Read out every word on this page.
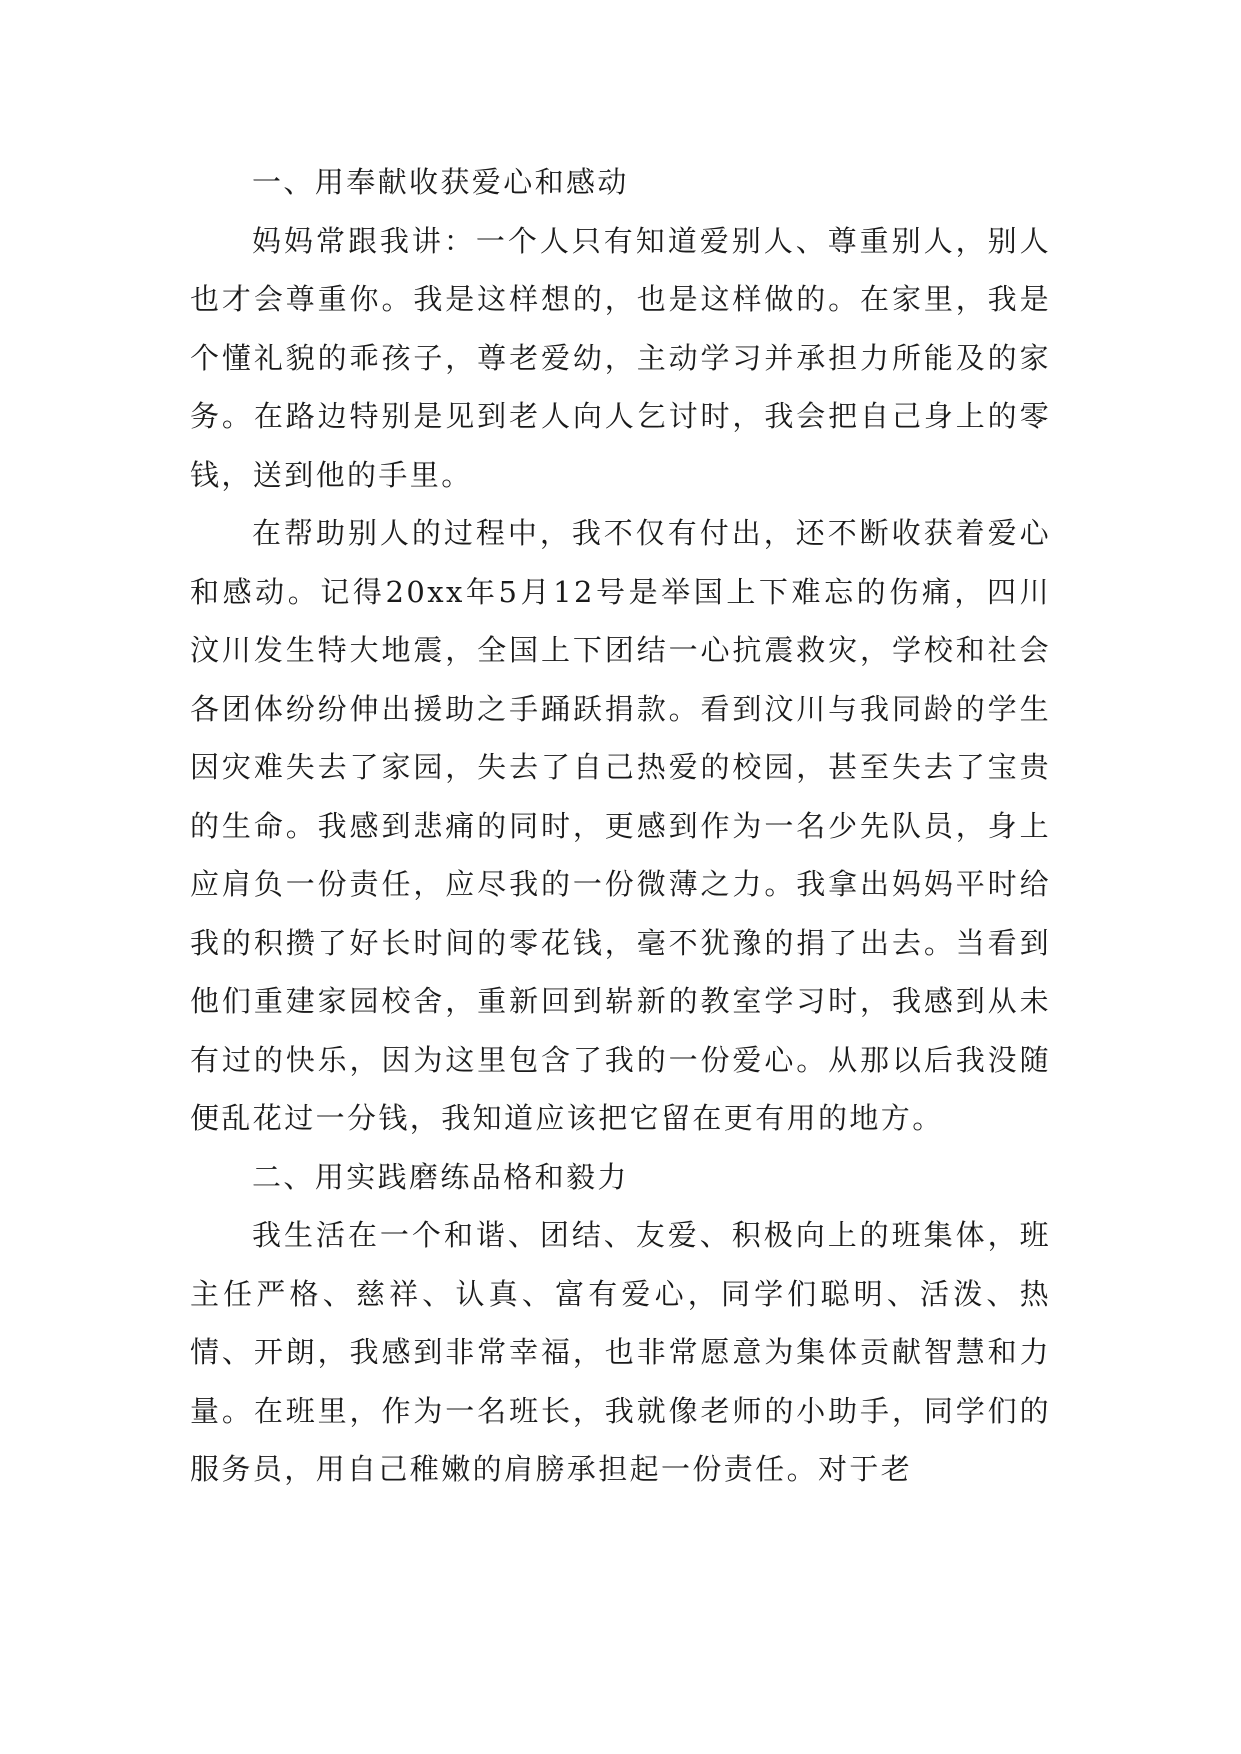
一、用奉献收获爱心和感动

妈妈常跟我讲：一个人只有知道爱别人、尊重别人，别人也才会尊重你。我是这样想的，也是这样做的。在家里，我是个懂礼貌的乖孩子，尊老爱幼，主动学习并承担力所能及的家务。在路边特别是见到老人向人乞讨时，我会把自己身上的零钱，送到他的手里。

在帮助别人的过程中，我不仅有付出，还不断收获着爱心和感动。记得20xx年5月12号是举国上下难忘的伤痛，四川汶川发生特大地震，全国上下团结一心抗震救灾，学校和社会各团体纷纷伸出援助之手踊跃捐款。看到汶川与我同龄的学生因灾难失去了家园，失去了自己热爱的校园，甚至失去了宝贵的生命。我感到悲痛的同时，更感到作为一名少先队员，身上应肩负一份责任，应尽我的一份微薄之力。我拿出妈妈平时给我的积攒了好长时间的零花钱，毫不犹豫的捐了出去。当看到他们重建家园校舍，重新回到崭新的教室学习时，我感到从未有过的快乐，因为这里包含了我的一份爱心。从那以后我没随便乱花过一分钱，我知道应该把它留在更有用的地方。

二、用实践磨练品格和毅力

我生活在一个和谐、团结、友爱、积极向上的班集体，班主任严格、慈祥、认真、富有爱心，同学们聪明、活泼、热情、开朗，我感到非常幸福，也非常愿意为集体贡献智慧和力量。在班里，作为一名班长，我就像老师的小助手，同学们的服务员，用自己稚嫩的肩膀承担起一份责任。对于老
